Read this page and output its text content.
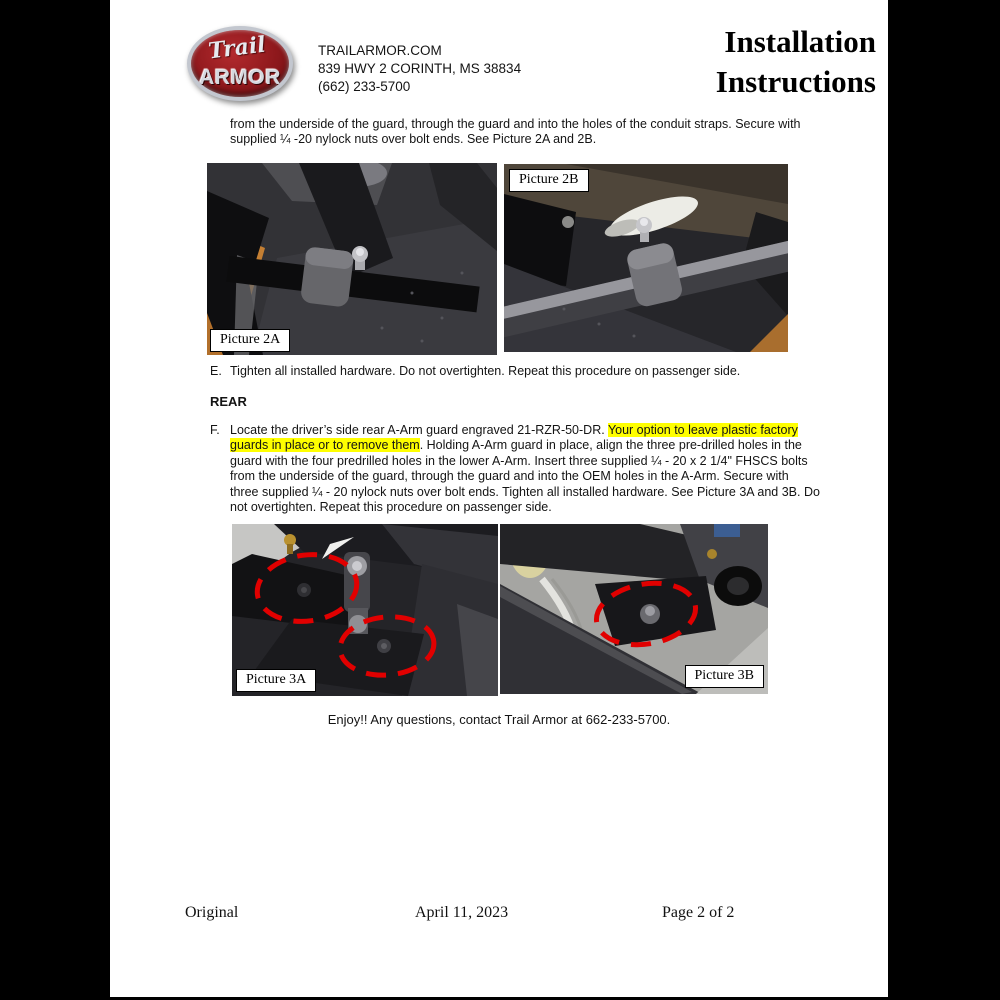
Trail
ARMOR
TRAILARMOR.COM
839 HWY 2 CORINTH, MS 38834
(662) 233-5700
Installation
Instructions
from the underside of the guard, through the guard and into the holes of the conduit straps. Secure with supplied ¼ -20 nylock nuts over bolt ends. See Picture 2A and 2B.
Picture 2A
Picture 2B
E. Tighten all installed hardware. Do not overtighten. Repeat this procedure on passenger side.
REAR
F. Locate the driver’s side rear A-Arm guard engraved 21-RZR-50-DR. Your option to leave plastic factory guards in place or to remove them. Holding A-Arm guard in place, align the three pre-drilled holes in the guard with the four predrilled holes in the lower A-Arm. Insert three supplied ¼ - 20 x 2 1/4" FHSCS bolts from the underside of the guard, through the guard and into the OEM holes in the A-Arm. Secure with three supplied ¼ - 20 nylock nuts over bolt ends. Tighten all installed hardware. See Picture 3A and 3B. Do not overtighten. Repeat this procedure on passenger side.
Picture 3A	Picture 3B
Enjoy!! Any questions, contact Trail Armor at 662-233-5700.
Original	April 11, 2023	Page 2 of 2
